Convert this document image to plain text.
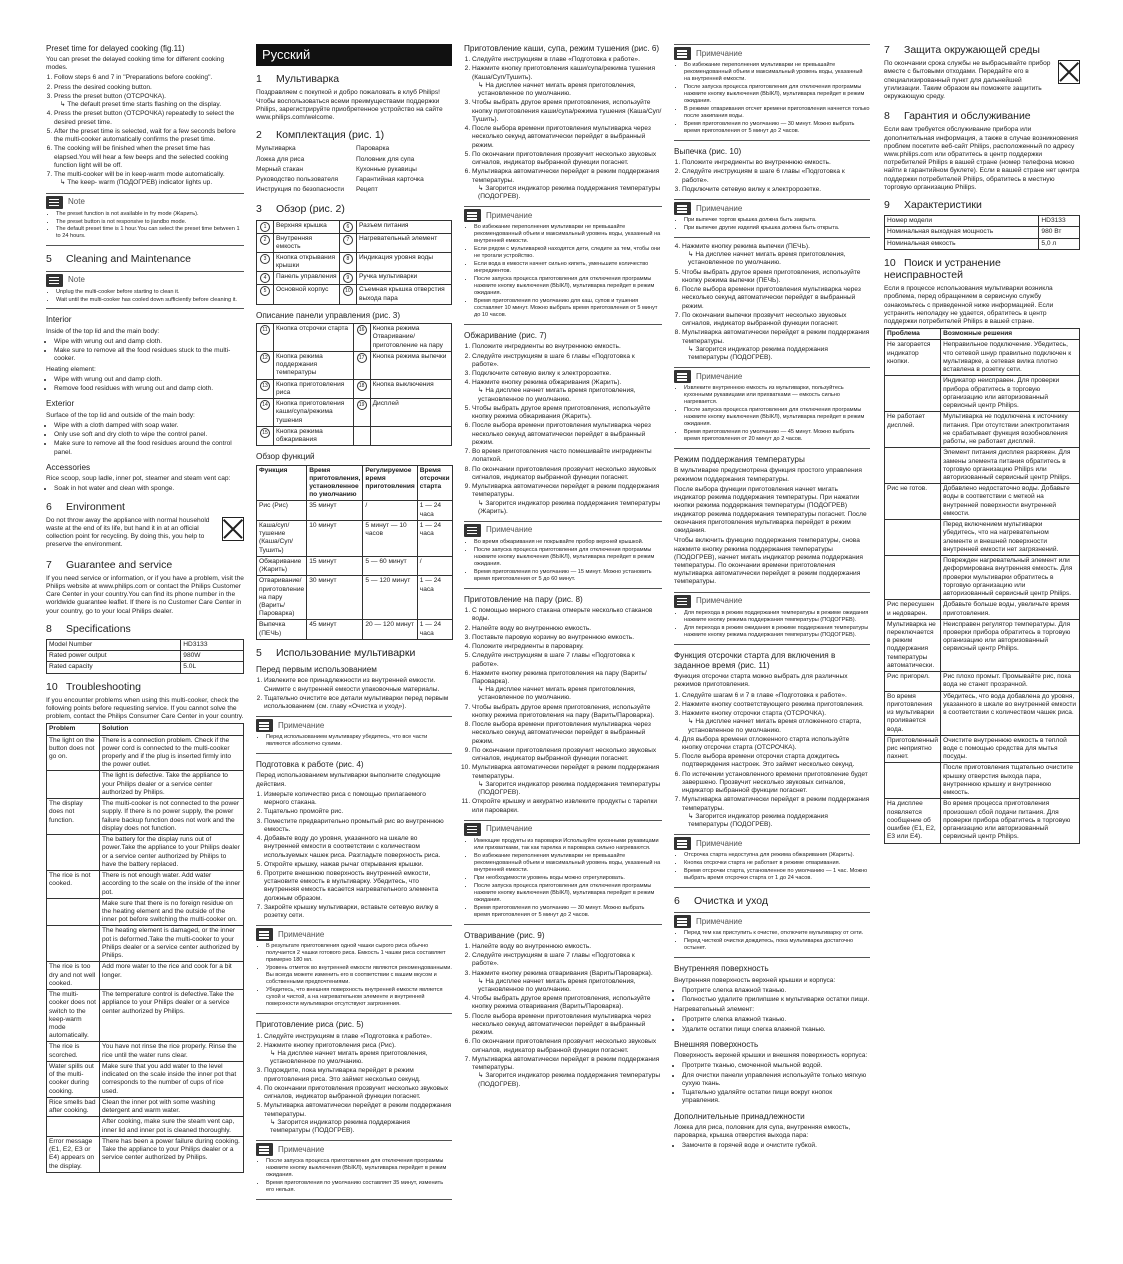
Preset time for delayed cooking (fig.11)

You can preset the delayed cooking time for different cooking modes.

1. Follow steps 6 and 7 in "Preparations before cooking".
2. Press the desired cooking button.
3. Press the preset button (ОТСРОЧКА).
↳ The default preset time starts flashing on the display.
4. Press the preset button (ОТСРОЧКА) repeatedly to select the desired preset time.
5. After the preset time is selected, wait for a few seconds before the multi-cooker automatically confirms the preset time.
6. The cooking will be finished when the preset time has elapsed.You will hear a few beeps and the selected cooking function light will be off.
7. The multi-cooker will be in keep-warm mode automatically.
↳ The keep- warm (ПОДОГРЕВ) indicator lights up.
Note
• The preset function is not available in fry mode (Жарить).
• The preset button is not responsive to jiandbo mode.
• The default preset time is 1 hour.You can select the preset time between 1 to 24 hours.
5 Cleaning and Maintenance
Note
• Unplug the multi-cooker before starting to clean it.
• Wait until the multi-cooker has cooled down sufficiently before cleaning it.
Interior

Inside of the top lid and the main body:

• Wipe with wrung out and damp cloth.
• Make sure to remove all the food residues stuck to the multi-cooker.

Heating element:

• Wipe with wrung out and damp cloth.
• Remove food residues with wrung out and damp cloth.
Exterior

Surface of the top lid and outside of the main body:

• Wipe with a cloth damped with soap water.
• Only use soft and dry cloth to wipe the control panel.
• Make sure to remove all the food residues around the control panel.
Accessories

Rice scoop, soup ladle, inner pot, steamer and steam vent cap:

• Soak in hot water and clean with sponge.
6 Environment

Do not throw away the appliance with normal household waste at the end of its life, but hand it in at an official collection point for recycling. By doing this, you help to preserve the environment.

7 Guarantee and service

If you need service or information, or if you have a problem, visit the Philips website at www.philips.com or contact the Philips Customer Care Center in your country.You can find its phone number in the worldwide guarantee leaflet. If there is no Customer Care Center in your country, go to your local Philips dealer.

8 Specifications
Model Number	HD3133
Rated power output	980W
Rated capacity	5.0L
10 Troubleshooting

If you encounter problems when using this multi-cooker, check the following points before requesting service. If you cannot solve the problem, contact the Philips Consumer Care Center in your country.

Problem	Solution
The light on the button does not go on.	There is a connection problem. Check if the power cord is connected to the multi-cooker properly and if the plug is inserted firmly into the power outlet.
	The light is defective. Take the appliance to your Philips dealer or a service center authorized by Philips.
The display does not function.	The multi-cooker is not connected to the power supply. If there is no power supply, the power failure backup function does not work and the display does not function.
	The battery for the display runs out of power.Take the appliance to your Philips dealer or a service center authorized by Philips to have the battery replaced.
The rice is not cooked.	There is not enough water. Add water according to the scale on the inside of the inner pot.
	Make sure that there is no foreign residue on the heating element and the outside of the inner pot before switching the multi-cooker on.
	The heating element is damaged, or the inner pot is deformed.Take the multi-cooker to your Philips dealer or a service center authorized by Philips.
The rice is too dry and not well cooked.	Add more water to the rice and cook for a bit longer.
The multi-cooker does not switch to the keep-warm mode automatically.	The temperature control is defective.Take the appliance to your Philips dealer or a service center authorized by Philips.
The rice is scorched.	You have not rinse the rice properly. Rinse the rice until the water runs clear.
Water spills out of the multi-cooker during cooking.	Make sure that you add water to the level indicated on the scale inside the inner pot that corresponds to the number of cups of rice used.
Rice smells bad after cooking.	Clean the inner pot with some washing detergent and warm water.
	After cooking, make sure the steam vent cap, inner lid and inner pot is cleaned thoroughly.
Error message (E1, E2, E3 or E4) appears on the display.	There has been a power failure during cooking. Take the appliance to your Philips dealer or a service center authorized by Philips.
Русский
1 Мультиварка

Поздравляем с покупкой и добро пожаловать в клуб Philips! Чтобы воспользоваться всеми преимуществами поддержки Philips, зарегистрируйте приобретенное устройство на сайте www.philips.com/welcome.

2 Комплектация (рис. 1)

Мультиварка

Ложка для риса

Мерный стакан

Руководство пользователя

Инструкция по безопасности

Пароварка

Половник для супа

Кухонные рукавицы

Гарантийная карточка

Рецепт

3 Обзор (рис. 2)
1	Верхняя крышка	6	Разъем питания
2	Внутренняя емкость	7	Нагревательный элемент
3	Кнопка открывания крышки	8	Индикация уровня воды
4	Панель управления	9	Ручка мультиварки
5	Основной корпус	10	Съемная крышка отверстия выхода пара
Описание панели управления (рис. 3)
11	Кнопка отсрочки старта	16	Кнопка режима Отваривание/приготовление на пару
12	Кнопка режима поддержания температуры	17	Кнопка режима выпечки
13	Кнопка приготовления риса	18	Кнопка выключения
14	Кнопка приготовления каши/супа/режима тушения	19	Дисплей
15	Кнопка режима обжаривания		
Обзор функций
Функция	Время приготовления, установленное по умолчанию	Регулируемое время приготовления	Время отсрочки старта
Рис (Рис)	35 минут	/	1 — 24 часа
Каша/суп/тушение (Каша/Суп/Тушить)	10 минут	5 минут — 10 часов	1 — 24 часа
Обжаривание (Жарить)	15 минут	5 — 60 минут	/
Отваривание/приготовление на пару (Варить/Пароварка)	30 минут	5 — 120 минут	1 — 24 часа
Выпечка (ПЕЧЬ)	45 минут	20 — 120 минут	1 — 24 часа
5 Использование мультиварки
Перед первым использованием
1. Извлеките все принадлежности из внутренней емкости. Снимите с внутренней емкости упаковочные материалы.
2. Тщательно очистите все детали мультиварки перед первым использованием (см. главу «Очистка и уход»).
Примечание
• Перед использованием мультиварку убедитесь, что все части являются абсолютно сухими.
Подготовка к работе (рис. 4)

Перед использованием мультиварки выполните следующие действия.

1. Измерьте количество риса с помощью прилагаемого мерного стакана.
2. Тщательно промойте рис.
3. Поместите предварительно промытый рис во внутреннюю емкость.
4. Добавьте воду до уровня, указанного на шкале во внутренней емкости в соответствии с количеством используемых чашек риса. Разгладьте поверхность риса.
5. Откройте крышку, нажав рычаг открывания крышки.
6. Протрите внешнюю поверхность внутренней емкости, установите емкость в мультиварку. Убедитесь, что внутренняя емкость касается нагревательного элемента должным образом.
7. Закройте крышку мультиварки, вставьте сетевую вилку в розетку сети.
Примечание
• В результате приготовления одной чашки сырого риса обычно получается 2 чашки готового риса. Емкость 1 чашки риса составляет примерно 180 мл.
• Уровень отметок во внутренней емкости являются рекомендованными. Вы всегда можете изменить его в соответствии с вашим вкусом и собственными предпочтениями.
• Убедитесь, что внешняя поверхность внутренней емкости является сухой и чистой, а на нагревательном элементе и внутренней поверхности мультиварки отсутствуют загрязнения.
Приготовление риса (рис. 5)
1. Следуйте инструкциям в главе «Подготовка к работе».
2. Нажмите кнопку приготовления риса (Рис).
↳ На дисплее начнет мигать время приготовления, установленное по умолчанию.
3. Подождите, пока мультиварка перейдет в режим приготовления риса. Это займет несколько секунд.
4. По окончании приготовления прозвучит несколько звуковых сигналов, индикатор выбранной функции погаснет.
5. Мультиварка автоматически перейдет в режим поддержания температуры.
↳ Загорится индикатор режима поддержания температуры (ПОДОГРЕВ).
Примечание
• После запуска процесса приготовления для отключения программы нажмите кнопку выключения (ВЫКЛ), мультиварка перейдет в режим ожидания.
• Время приготовления по умолчанию составляет 35 минут, изменить его нельзя.
Приготовление каши, супа, режим тушения (рис. 6)
1. Следуйте инструкциям в главе «Подготовка к работе».
2. Нажмите кнопку приготовления каши/супа/режима тушения (Каша/Суп/Тушить).
↳ На дисплее начнет мигать время приготовления, установленное по умолчанию.
3. Чтобы выбрать другое время приготовления, используйте кнопку приготовления каши/супа/режима тушения (Каша/Суп/Тушить).
4. После выбора времени приготовления мультиварка через несколько секунд автоматически перейдет в выбранный режим.
5. По окончании приготовления прозвучит несколько звуковых сигналов, индикатор выбранной функции погаснет.
6. Мультиварка автоматически перейдет в режим поддержания температуры.
↳ Загорится индикатор режима поддержания температуры (ПОДОГРЕВ).
Примечание
• Во избежание переполнения мультиварки не превышайте рекомендованный объем и максимальный уровень воды, указанный на внутренней емкости.
• Если рядом с мультиваркой находятся дети, следите за тем, чтобы они не трогали устройство.
• Если вода в емкости начнет сильно кипеть, уменьшите количество ингредиентов.
• После запуска процесса приготовления для отключения программы нажмите кнопку выключения (ВЫКЛ), мультиварка перейдет в режим ожидания.
• Время приготовления по умолчанию для каш, супов и тушения составляет 10 минут. Можно выбрать время приготовления от 5 минут до 10 часов.
Обжаривание (рис. 7)
1. Положите ингредиенты во внутреннюю емкость.
2. Следуйте инструкциям в шаге 6 главы «Подготовка к работе».
3. Подключите сетевую вилку к электророзетке.
4. Нажмите кнопку режима обжаривания (Жарить).
↳ На дисплее начнет мигать время приготовления, установленное по умолчанию.
5. Чтобы выбрать другое время приготовления, используйте кнопку режима обжаривания (Жарить).
6. После выбора времени приготовления мультиварка через несколько секунд автоматически перейдет в выбранный режим.
7. Во время приготовления часто помешивайте ингредиенты лопаткой.
8. По окончании приготовления прозвучит несколько звуковых сигналов, индикатор выбранной функции погаснет.
9. Мультиварка автоматически перейдет в режим поддержания температуры.
↳ Загорится индикатор режима поддержания температуры (Жарить).
Примечание
• Во время обжаривания не покрывайте пробор верхней крышкой.
• После запуска процесса приготовления для отключения программы нажмите кнопку выключения (ВЫКЛ), мультиварка перейдет в режим ожидания.
• Время приготовления по умолчанию — 15 минут. Можно установить время приготовления от 5 до 60 минут.
Приготовление на пару (рис. 8)
1. С помощью мерного стакана отмерьте несколько стаканов воды.
2. Налейте воду во внутреннюю емкость.
3. Поставьте паровую корзину во внутреннюю емкость.
4. Положите ингредиенты в пароварку.
5. Следуйте инструкциям в шаге 7 главы «Подготовка к работе».
6. Нажмите кнопку режима приготовления на пару (Варить/Пароварка).
↳ На дисплее начнет мигать время приготовления, установленное по умолчанию.
7. Чтобы выбрать другое время приготовления, используйте кнопку режима приготовления на пару (Варить/Пароварка).
8. После выбора времени приготовления мультиварка через несколько секунд автоматически перейдет в выбранный режим.
9. По окончании приготовления прозвучит несколько звуковых сигналов, индикатор выбранной функции погаснет.
10. Мультиварка автоматически перейдет в режим поддержания температуры.
↳ Загорится индикатор режима поддержания температуры (ПОДОГРЕВ).
11. Откройте крышку и аккуратно извлеките продукты с тарелки или пароварки.
Примечание
• Имеющие продукты из пароварки Используйте кухонными рукавицами или прихватками, так как тарелка и пароварка сильно нагреваются.
• Во избежание переполнения мультиварки не превышайте рекомендованный объем и максимальный уровень воды, указанный на внутренней емкости.
• При необходимости уровень воды можно отрегулировать.
• После запуска процесса приготовления для отключения программы нажмите кнопку выключения (ВЫКЛ), мультиварка перейдет в режим ожидания.
• Время приготовления по умолчанию — 30 минут. Можно выбрать время приготовления от 5 минут до 2 часов.
Отваривание (рис. 9)
1. Налейте воду во внутреннюю емкость.
2. Следуйте инструкциям в шаге 7 главы «Подготовка к работе».
3. Нажмите кнопку режима отваривания (Варить/Пароварка).
↳ На дисплее начнет мигать время приготовления, установленное по умолчанию.
4. Чтобы выбрать другое время приготовления, используйте кнопку режима отваривания (Варить/Пароварка).
5. После выбора времени приготовления мультиварка через несколько секунд автоматически перейдет в выбранный режим.
6. По окончании приготовления прозвучит несколько звуковых сигналов, индикатор выбранной функции погаснет.
7. Мультиварка автоматически перейдет в режим поддержания температуры.
↳ Загорится индикатор режима поддержания температуры (ПОДОГРЕВ).
Примечание
• Во избежание переполнения мультиварки не превышайте рекомендованный объем и максимальный уровень воды, указанный на внутренней емкости.
• После запуска процесса приготовления для отключения программы нажмите кнопку выключения (ВЫКЛ), мультиварка перейдет в режим ожидания.
• В режиме отваривания отсчет времени приготовления начнется только после закипания воды.
• Время приготовления по умолчанию — 30 минут. Можно выбрать время приготовления от 5 минут до 2 часов.
Выпечка (рис. 10)
1. Положите ингредиенты во внутреннюю емкость.
2. Следуйте инструкциям в шаге 6 главы «Подготовка к работе».
3. Подключите сетевую вилку к электророзетке.
Примечание
• При выпечке тортов крышка должна быть закрыта.
• При выпечке другие изделий крышка должна быть открыта.
4. Нажмите кнопку режима выпечки (ПЕЧЬ).
↳ На дисплее начнет мигать время приготовления, установленное по умолчанию.
5. Чтобы выбрать другое время приготовления, используйте кнопку режима выпечки (ПЕЧЬ).
6. После выбора времени приготовления мультиварка через несколько секунд автоматически перейдет в выбранный режим.
7. По окончании выпечки прозвучит несколько звуковых сигналов, индикатор выбранной функции погаснет.
8. Мультиварка автоматически перейдет в режим поддержания температуры.
↳ Загорится индикатор режима поддержания температуры (ПОДОГРЕВ).
Примечание
• Извлеките внутреннюю емкость из мультиварки, пользуйтесь кухонными рукавицами или прихватками — емкость сильно нагревается.
• После запуска процесса приготовления для отключения программы нажмите кнопку выключения (ВЫКЛ), мультиварка перейдет в режим ожидания.
• Время приготовления по умолчанию — 45 минут. Можно выбрать время приготовления от 20 минут до 2 часов.
Режим поддержания температуры

В мультиварке предусмотрена функция простого управления режимом поддержания температуры.

После выбора функции приготовления начнет мигать индикатор режима поддержания температуры. При нажатии кнопки режима поддержания температуры (ПОДОГРЕВ) индикатор режима поддержания температуры погаснет. После окончания приготовления мультиварка перейдет в режим ожидания.

Чтобы включить функцию поддержания температуры, снова нажмите кнопку режима поддержания температуры (ПОДОГРЕВ), начнет мигать индикатор режима поддержания температуры. По окончании времени приготовления мультиварка автоматически перейдет в режим поддержания температуры.

Примечание
• Для перехода в режим поддержания температуры в режиме ожидания нажмите кнопку режима поддержания температуры (ПОДОГРЕВ).
• Для перехода в режим ожидания в режиме поддержания температуры нажмите кнопку режима поддержания температуры (ПОДОГРЕВ).
Функция отсрочки старта для включения в заданное время (рис. 11)

Функция отсрочки старта можно выбрать для различных режимов приготовления.

1. Следуйте шагам 6 и 7 в главе «Подготовка к работе».
2. Нажмите кнопку соответствующего режима приготовления.
3. Нажмите кнопку отсрочки старта (ОТСРОЧКА).
↳ На дисплее начнет мигать время отложенного старта, установленное по умолчанию.
4. Для выбора времени отложенного старта используйте кнопку отсрочки старта (ОТСРОЧКА).
5. После выбора времени отсрочки старта дождитесь подтверждения настроек. Это займет несколько секунд.
6. По истечении установленного времени приготовление будет завершено. Прозвучит несколько звуковых сигналов, индикатор выбранной функции погаснет.
7. Мультиварка автоматически перейдет в режим поддержания температуры.
↳ Загорится индикатор режима поддержания температуры (ПОДОГРЕВ).
Примечание
• Отсрочка старта недоступна для режима обжаривания (Жарить).
• Кнопка отсрочки старта не работает в режиме отваривания.
• Время отсрочки старта, установленное по умолчанию — 1 час. Можно выбрать время отсрочки старта от 1 до 24 часов.
6 Очистка и уход
Примечание
• Перед тем как приступить к очистке, отключите мультиварку от сети.
• Перед чисткой очистки дождитесь, пока мультиварка достаточно остынет.
Внутренняя поверхность

Внутренняя поверхность верхней крышки и корпуса:

• Протрите слегка влажной тканью.
• Полностью удалите прилипшие к мультиварке остатки пищи.

Нагревательный элемент:

• Протрите слегка влажной тканью.
• Удалите остатки пищи слегка влажной тканью.
Внешняя поверхность

Поверхность верхней крышки и внешняя поверхность корпуса:

• Протрите тканью, смоченной мыльной водой.
• Для очистки панели управления используйте только мягкую сухую ткань.
• Тщательно удаляйте остатки пищи вокруг кнопок управления.
Дополнительные принадлежности

Ложка для риса, половник для супа, внутренняя емкость, пароварка, крышка отверстия выхода пара:

• Замочите в горячей воде и очистите губкой.
7 Защита окружающей среды

По окончании срока службы не выбрасывайте прибор вместе с бытовыми отходами. Передайте его в специализированный пункт для дальнейшей утилизации. Таким образом вы поможете защитить окружающую среду.

8 Гарантия и обслуживание

Если вам требуется обслуживание прибора или дополнительная информация, а также в случае возникновения проблем посетите веб-сайт Philips, расположенный по адресу www.philips.com или обратитесь в центр поддержки потребителей Philips в вашей стране (номер телефона можно найти в гарантийном буклете). Если в вашей стране нет центра поддержки потребителей Philips, обратитесь в местную торговую организацию Philips.

9 Характеристики
Номер модели	HD3133
Номинальная выходная мощность	980 Вт
Номинальная емкость	5,0 л
10 Поиск и устранение неисправностей

Если в процессе использования мультиварки возникла проблема, перед обращением в сервисную службу ознакомьтесь с приведенной ниже информацией. Если устранить неполадку не удается, обратитесь в центр поддержки потребителей Philips в вашей стране.

Проблема	Возможные решения
Не загорается индикатор кнопки.	Неправильное подключение. Убедитесь, что сетевой шнур правильно подключен к мультиварке, а сетевая вилка плотно вставлена в розетку сети.
	Индикатор неисправен. Для проверки прибора обратитесь в торговую организацию или авторизованный сервисный центр Philips.
Не работает дисплей.	Мультиварка не подключена к источнику питания. При отсутствии электропитания не срабатывает функция возобновления работы, не работает дисплей.
	Элемент питания дисплея разряжен. Для замены элемента питания обратитесь в торговую организацию Philips или авторизованный сервисный центр Philips.
Рис не готов.	Добавлено недостаточно воды. Добавьте воды в соответствии с меткой на внутренней поверхности внутренней емкости.
	Перед включением мультиварки убедитесь, что на нагревательном элементе и внешней поверхности внутренней емкости нет загрязнений.
	Поврежден нагревательный элемент или деформирована внутренняя емкость. Для проверки мультиварки обратитесь в торговую организацию или авторизованный сервисный центр Philips.
Рис пересушен и недоварен.	Добавьте больше воды, увеличьте время приготовления.
Мультиварка не переключается в режим поддержания температуры автоматически.	Неисправен регулятор температуры. Для проверки прибора обратитесь в торговую организацию или авторизованный сервисный центр Philips.
Рис пригорел.	Рис плохо промыт. Промывайте рис, пока вода не станет прозрачной.
Во время приготовления из мультиварки проливается вода.	Убедитесь, что вода добавлена до уровня, указанного в шкале во внутренней емкости в соответствии с количеством чашек риса.
Приготовленный рис неприятно пахнет.	Очистите внутреннюю емкость в теплой воде с помощью средства для мытья посуды.
	После приготовления тщательно очистите крышку отверстия выхода пара, внутреннюю крышку и внутреннюю емкость.
На дисплее появляется сообщение об ошибке (E1, E2, E3 или E4).	Во время процесса приготовления произошел сбой подачи питания. Для проверки прибора обратитесь в торговую организацию или авторизованный сервисный центр Philips.
